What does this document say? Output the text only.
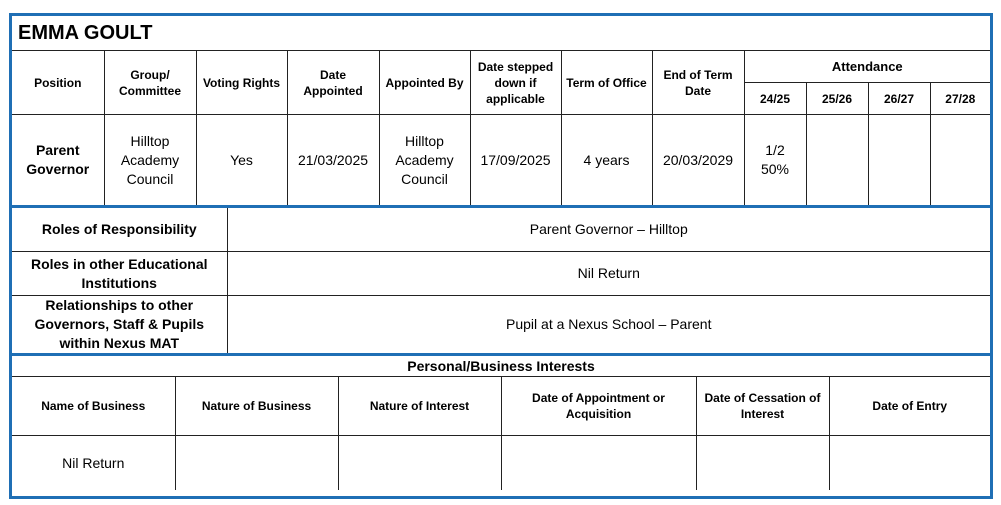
EMMA GOULT											
Position	Group/ Committee	Voting Rights	Date Appointed	Appointed By	Date stepped down if applicable	Term of Office	End of Term Date	Attendance			
								24/25	25/26	26/27	27/28
Parent Governor	Hilltop Academy Council	Yes	21/03/2025	Hilltop Academy Council	17/09/2025	4 years	20/03/2029	1/2
50%			

Roles of Responsibility	Parent Governor – Hilltop
Roles in other Educational Institutions	Nil Return
Relationships to other Governors, Staff & Pupils within Nexus MAT	Pupil at a Nexus School – Parent
Personal/Business Interests					
Name of Business	Nature of Business	Nature of Interest	Date of Appointment or Acquisition	Date of Cessation of Interest	Date of Entry
Nil Return					
